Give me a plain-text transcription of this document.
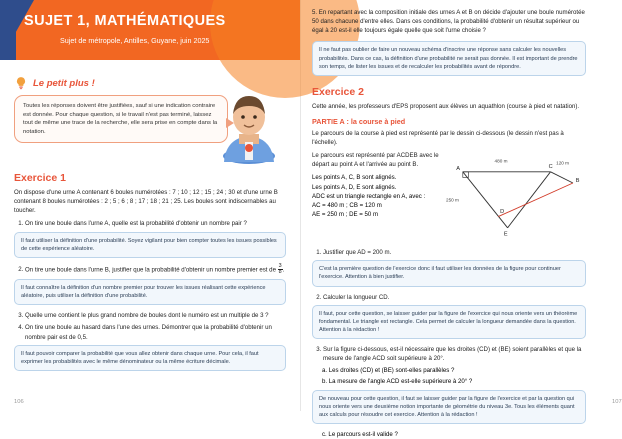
SUJET 1, MATHÉMATIQUES
Sujet de métropole, Antilles, Guyane, juin 2025
Le petit plus !
Toutes les réponses doivent être justifiées, sauf si une indication contraire est donnée. Pour chaque question, si le travail n'est pas terminé, laissez tout de même une trace de la recherche, elle sera prise en compte dans la notation.
Exercice 1

On dispose d'une urne A contenant 6 boules numérotées : 7 ; 10 ; 12 ; 15 ; 24 ; 30 et d'une urne B contenant 8 boules numérotées : 2 ; 5 ; 6 ; 8 ; 17 ; 18 ; 21 ; 25. Les boules sont indiscernables au toucher.

1. On tire une boule dans l'urne A, quelle est la probabilité d'obtenir un nombre pair ?
Il faut utiliser la définition d'une probabilité. Soyez vigilant pour bien compter toutes les issues possibles de cette expérience aléatoire.
2. On tire une boule dans l'urne B, justifier que la probabilité d'obtenir un nombre premier est de $\frac{3}{8}$.
Il faut connaître la définition d'un nombre premier pour trouver les issues réalisant cette expérience aléatoire, puis utiliser la définition d'une probabilité.
3. Quelle urne contient le plus grand nombre de boules dont le numéro est un multiple de 3 ?
4. On tire une boule au hasard dans l'une des urnes. Démontrer que la probabilité d'obtenir un nombre pair est de 0,5.
Il faut pouvoir comparer la probabilité que vous allez obtenir dans chaque urne. Pour cela, il faut exprimer les probabilités avec le même dénominateur ou la même écriture décimale.
106

5. En repartant avec la composition initiale des urnes A et B on décide d'ajouter une boule numérotée 50 dans chacune d'entre elles. Dans ces conditions, la probabilité d'obtenir un résultat supérieur ou égal à 20 est-il elle toujours égale quelle que soit l'urne choisie ?

Il ne faut pas oublier de faire un nouveau schéma d'inscrire une réponse sans calculer les nouvelles probabilités. Dans ce cas, la définition d'une probabilité ne serait pas donnée. Il est important de prendre son temps, de lister les issues et de recalculer les probabilités avant de répondre.
Exercice 2

Cette année, les professeurs d'EPS proposent aux élèves un aquathlon (course à pied et natation).

PARTIE A : la course à pied

Le parcours de la course à pied est représenté par le dessin ci-dessous (le dessin n'est pas à l'échelle).

Le parcours est représenté par ACDEB avec le départ au point A et l'arrivée au point B.

Les points A, C, B sont alignés.
Les points A, D, E sont alignés.
ADC est un triangle rectangle en A, avec :
AC = 480 m ; CB = 120 m
AE = 250 m ; DE = 50 m
A
D
E
C
B
480 m	120 m
250 m
1. Justifier que AD = 200 m.
C'est la première question de l'exercice donc il faut utiliser les données de la figure pour continuer l'exercice. Attention à bien justifier.
2. Calculer la longueur CD.
Il faut, pour cette question, se laisser guider par la figure de l'exercice qui nous oriente vers un théorème fondamental. Le triangle est rectangle. Cela permet de calculer la longueur demandée dans la question. Attention à la rédaction !
3. Sur la figure ci-dessous, est-il nécessaire que les droites (CD) et (BE) soient parallèles et que la mesure de l'angle ACD soit supérieure à 20°.
a. Les droites (CD) et (BE) sont-elles parallèles ?
b. La mesure de l'angle ACD est-elle supérieure à 20° ?
De nouveau pour cette question, il faut se laisser guider par la figure de l'exercice et par la question qui nous oriente vers une deuxième notion importante de géométrie du niveau 3e. Tous les éléments quant aux calculs pour résoudre cet exercice. Attention à la rédaction !
c. Le parcours est-il valide ?
107
